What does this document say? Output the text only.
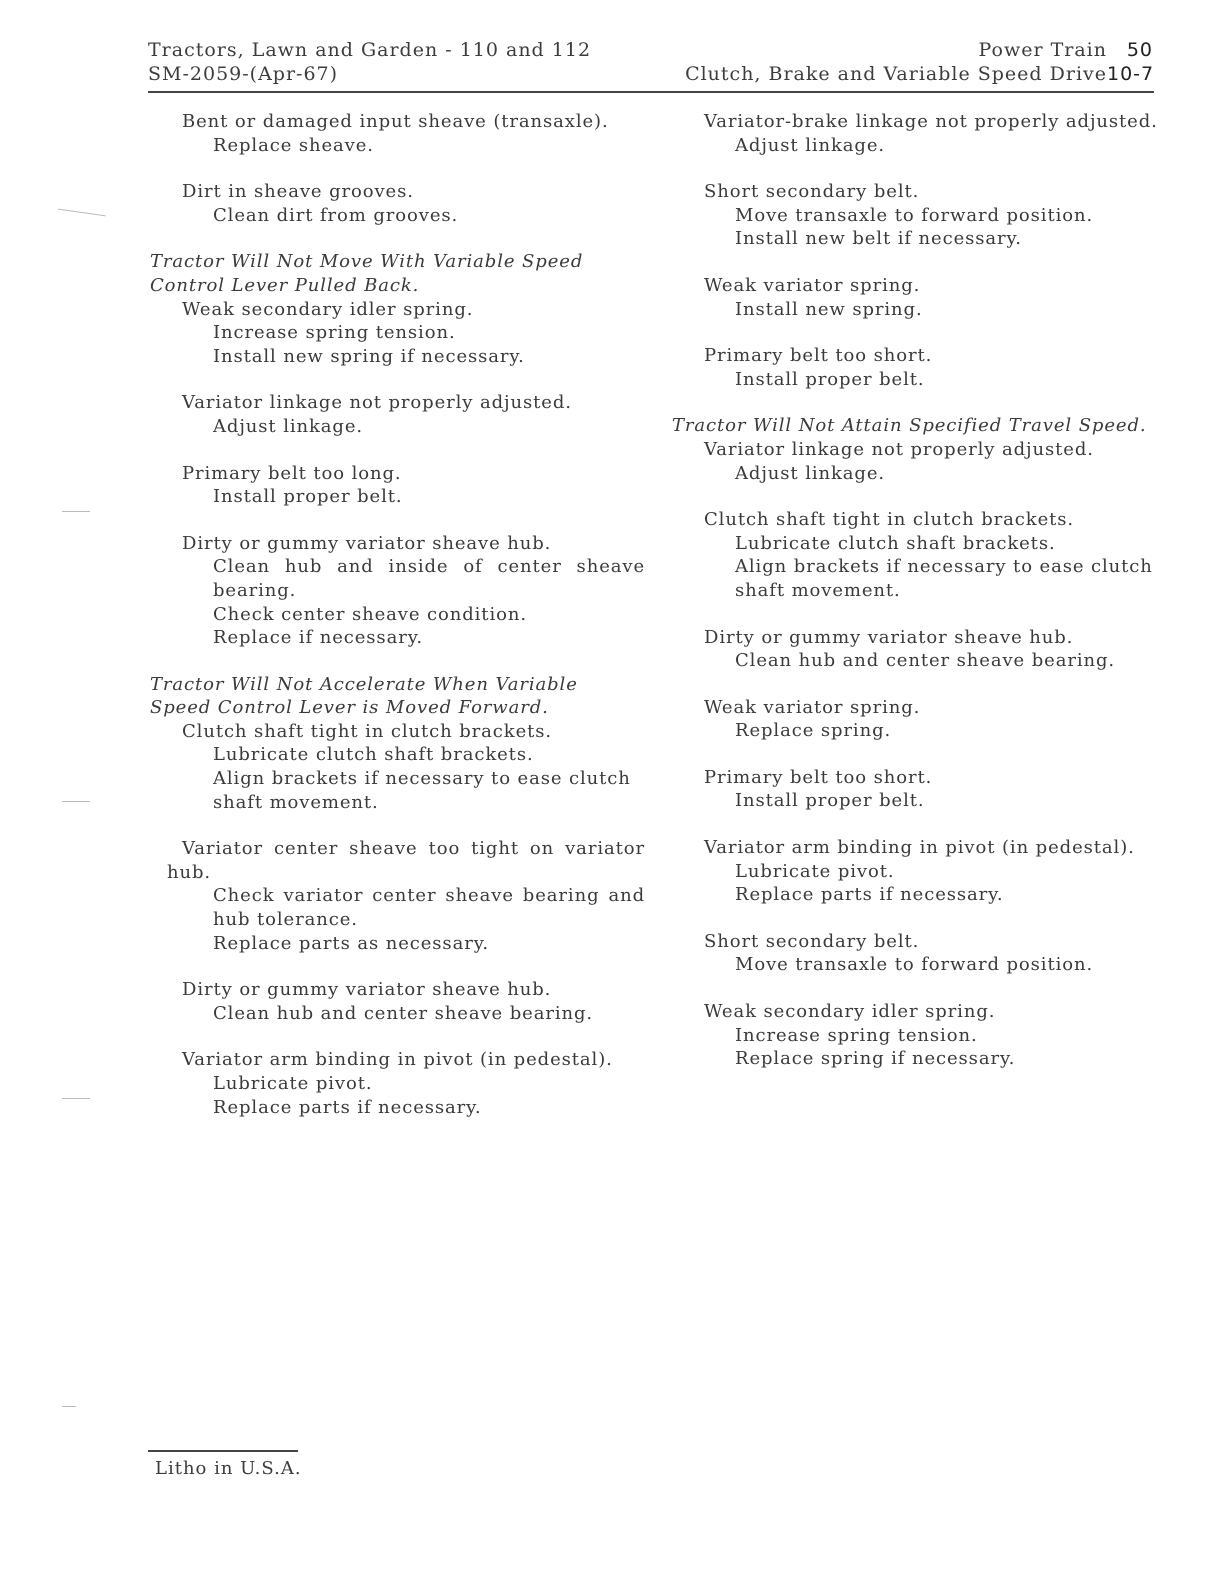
Tractors, Lawn and Garden - 110 and 112
SM-2059-(Apr-67)
Power Train	50
Clutch, Brake and Variable Speed Drive 10-7
Bent or damaged input sheave (transaxle).
Replace sheave.
Dirt in sheave grooves.
Clean dirt from grooves.
Tractor Will Not Move With Variable Speed
Control Lever Pulled Back.
Weak secondary idler spring.
Increase spring tension.
Install new spring if necessary.
Variator linkage not properly adjusted.
Adjust linkage.
Primary belt too long.
Install proper belt.
Dirty or gummy variator sheave hub.
Clean hub and inside of center sheave bearing.
Check center sheave condition.
Replace if necessary.
Tractor Will Not Accelerate When Variable
Speed Control Lever is Moved Forward.
Clutch shaft tight in clutch brackets.
Lubricate clutch shaft brackets.
Align brackets if necessary to ease clutch shaft movement.
Variator center sheave too tight on variator
hub.
Check variator center sheave bearing and hub tolerance.
Replace parts as necessary.
Dirty or gummy variator sheave hub.
Clean hub and center sheave bearing.
Variator arm binding in pivot (in pedestal).
Lubricate pivot.
Replace parts if necessary.
Variator-brake linkage not properly adjusted.
Adjust linkage.
Short secondary belt.
Move transaxle to forward position.
Install new belt if necessary.
Weak variator spring.
Install new spring.
Primary belt too short.
Install proper belt.
Tractor Will Not Attain Specified Travel Speed.
Variator linkage not properly adjusted.
Adjust linkage.
Clutch shaft tight in clutch brackets.
Lubricate clutch shaft brackets.
Align brackets if necessary to ease clutch shaft movement.
Dirty or gummy variator sheave hub.
Clean hub and center sheave bearing.
Weak variator spring.
Replace spring.
Primary belt too short.
Install proper belt.
Variator arm binding in pivot (in pedestal).
Lubricate pivot.
Replace parts if necessary.
Short secondary belt.
Move transaxle to forward position.
Weak secondary idler spring.
Increase spring tension.
Replace spring if necessary.
Litho in U.S.A.
